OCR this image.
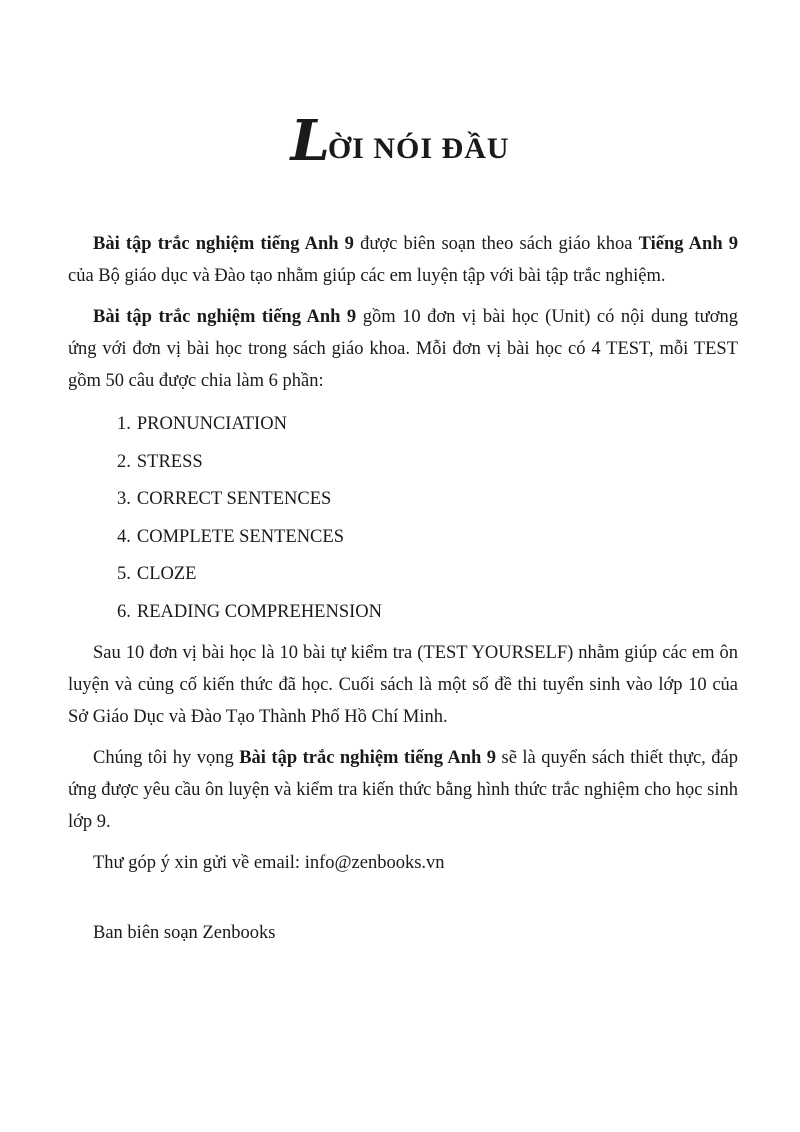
LỜI NÓI ĐẦU

Bài tập trắc nghiệm tiếng Anh 9 được biên soạn theo sách giáo khoa Tiếng Anh 9 của Bộ giáo dục và Đào tạo nhằm giúp các em luyện tập với bài tập trắc nghiệm.

Bài tập trắc nghiệm tiếng Anh 9 gồm 10 đơn vị bài học (Unit) có nội dung tương ứng với đơn vị bài học trong sách giáo khoa. Mỗi đơn vị bài học có 4 TEST, mỗi TEST gồm 50 câu được chia làm 6 phần:

1. PRONUNCIATION
2. STRESS
3. CORRECT SENTENCES
4. COMPLETE SENTENCES
5. CLOZE
6. READING COMPREHENSION

Sau 10 đơn vị bài học là 10 bài tự kiểm tra (TEST YOURSELF) nhằm giúp các em ôn luyện và củng cố kiến thức đã học. Cuối sách là một số đề thi tuyển sinh vào lớp 10 của Sở Giáo Dục và Đào Tạo Thành Phố Hồ Chí Minh.

Chúng tôi hy vọng Bài tập trắc nghiệm tiếng Anh 9 sẽ là quyển sách thiết thực, đáp ứng được yêu cầu ôn luyện và kiểm tra kiến thức bằng hình thức trắc nghiệm cho học sinh lớp 9.

Thư góp ý xin gửi về email: info@zenbooks.vn

Ban biên soạn Zenbooks
